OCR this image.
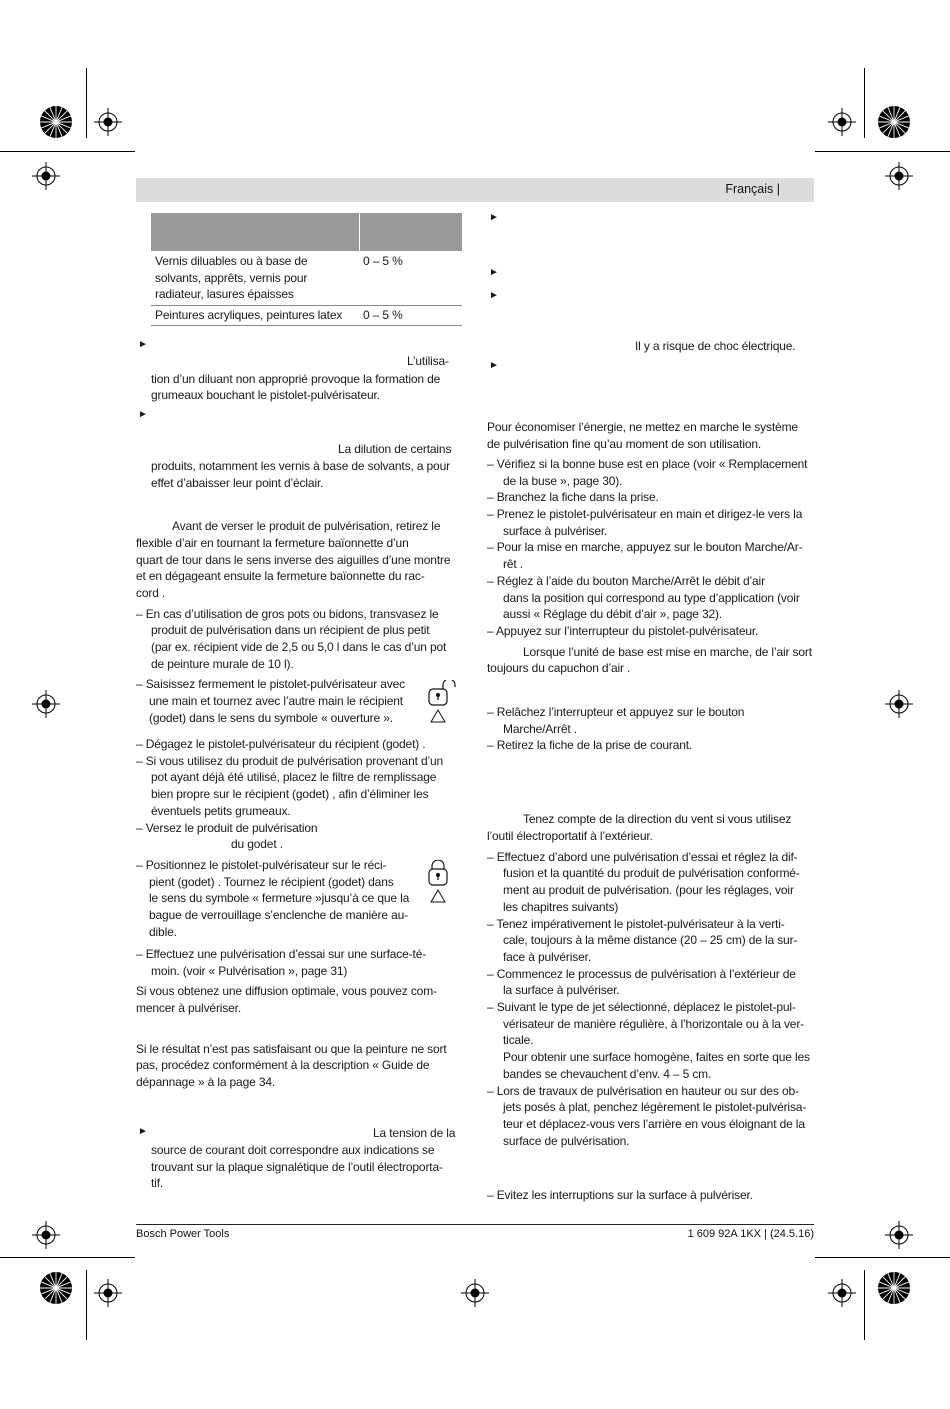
Français |
Vernis diluables ou à base de
solvants, apprêts, vernis pour
radiateur, lasures épaisses
0 – 5 %
Peintures acryliques, peintures latex 0 – 5 %
►
►
►
L’utilisa-
tion d’un diluant non approprié provoque la formation de
grumeaux bouchant le pistolet-pulvérisateur.
La dilution de certains
produits, notamment les vernis à base de solvants, a pour
effet d’abaisser leur point d’éclair.
Avant de verser le produit de pulvérisation, retirez le
flexible d’air en tournant la fermeture baïonnette d’un
quart de tour dans le sens inverse des aiguilles d’une montre
et en dégageant ensuite la fermeture baïonnette du rac-
cord .
– En cas d’utilisation de gros pots ou bidons, transvasez le
produit de pulvérisation dans un récipient de plus petit
(par ex. récipient vide de 2,5 ou 5,0 l dans le cas d’un pot
de peinture murale de 10 l).
– Saisissez fermement le pistolet-pulvérisateur avec
une main et tournez avec l’autre main le récipient
(godet) dans le sens du symbole « ouverture ».
– Dégagez le pistolet-pulvérisateur du récipient (godet) .
– Si vous utilisez du produit de pulvérisation provenant d’un
pot ayant déjà été utilisé, placez le filtre de remplissage
bien propre sur le récipient (godet) , afin d’éliminer les
éventuels petits grumeaux.
– Versez le produit de pulvérisation
du godet .
– Positionnez le pistolet-pulvérisateur sur le réci-
pient (godet) . Tournez le récipient (godet) dans
le sens du symbole « fermeture »jusqu’à ce que la
bague de verrouillage s’enclenche de manière au-
dible.
– Effectuez une pulvérisation d’essai sur une surface-té-
moin. (voir « Pulvérisation », page 31)
Si vous obtenez une diffusion optimale, vous pouvez com-
mencer à pulvériser.
Si le résultat n’est pas satisfaisant ou que la peinture ne sort
pas, procédez conformément à la description « Guide de
dépannage » à la page 34.
La tension de la
source de courant doit correspondre aux indications se
trouvant sur la plaque signalétique de l’outil électroporta-
tif.
►
►
►
►
Il y a risque de choc électrique.
Pour économiser l’énergie, ne mettez en marche le système
de pulvérisation fine qu’au moment de son utilisation.
– Vérifiez si la bonne buse est en place (voir « Remplacement
de la buse », page 30).
– Branchez la fiche dans la prise.
– Prenez le pistolet-pulvérisateur en main et dirigez-le vers la
surface à pulvériser.
– Pour la mise en marche, appuyez sur le bouton Marche/Ar-
rêt .
– Réglez à l’aide du bouton Marche/Arrêt le débit d’air
dans la position qui correspond au type d’application (voir
aussi « Réglage du débit d’air », page 32).
– Appuyez sur l’interrupteur du pistolet-pulvérisateur.
Lorsque l’unité de base est mise en marche, de l’air sort
toujours du capuchon d’air .
– Relâchez l’interrupteur et appuyez sur le bouton
Marche/Arrêt .
– Retirez la fiche de la prise de courant.
Tenez compte de la direction du vent si vous utilisez
l’outil électroportatif à l’extérieur.
– Effectuez d’abord une pulvérisation d’essai et réglez la dif-
fusion et la quantité du produit de pulvérisation conformé-
ment au produit de pulvérisation. (pour les réglages, voir
les chapitres suivants)
– Tenez impérativement le pistolet-pulvérisateur à la verti-
cale, toujours à la même distance (20 – 25 cm) de la sur-
face à pulvériser.
– Commencez le processus de pulvérisation à l’extérieur de
la surface à pulvériser.
– Suivant le type de jet sélectionné, déplacez le pistolet-pul-
vérisateur de manière régulière, à l’horizontale ou à la ver-
ticale.
Pour obtenir une surface homogène, faites en sorte que les
bandes se chevauchent d’env. 4 – 5 cm.
– Lors de travaux de pulvérisation en hauteur ou sur des ob-
jets posés à plat, penchez légèrement le pistolet-pulvérisa-
teur et déplacez-vous vers l’arrière en vous éloignant de la
surface de pulvérisation.
– Evitez les interruptions sur la surface à pulvériser.
Bosch Power Tools	1 609 92A 1KX | (24.5.16)
